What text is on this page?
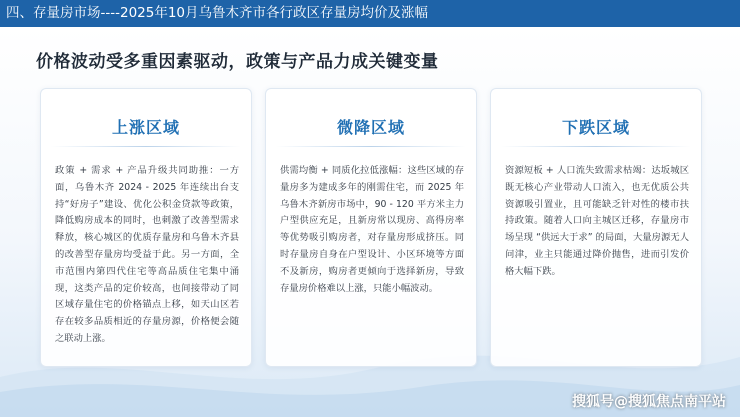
四、存量房市场----2025年10月乌鲁木齐市各行政区存量房均价及涨幅
价格波动受多重因素驱动，政策与产品力成关键变量
上涨区域
政策 + 需求 + 产品升级共同助推：一方面，乌鲁木齐 2024 - 2025 年连续出台支持“好房子”建设、优化公积金贷款等政策，降低购房成本的同时，也刺激了改善型需求释放，核心城区的优质存量房和乌鲁木齐县的改善型存量房均受益于此。另一方面，全市范围内第四代住宅等高品质住宅集中涌现，这类产品的定价较高，也间接带动了同区域存量住宅的价格锚点上移，如天山区若存在较多品质相近的存量房源，价格便会随之联动上涨。
微降区域
供需均衡 + 同质化拉低涨幅：这些区域的存量房多为建成多年的刚需住宅，而 2025 年乌鲁木齐新房市场中，90 - 120 平方米主力户型供应充足，且新房常以现房、高得房率等优势吸引购房者，对存量房形成挤压。同时存量房自身在户型设计、小区环境等方面不及新房，购房者更倾向于选择新房，导致存量房价格难以上涨，只能小幅波动。
下跌区域
资源短板 + 人口流失致需求枯竭：达坂城区既无核心产业带动人口流入，也无优质公共资源吸引置业，且可能缺乏针对性的楼市扶持政策。随着人口向主城区迁移，存量房市场呈现 “供远大于求” 的局面，大量房源无人问津，业主只能通过降价抛售，进而引发价格大幅下跌。
搜狐号@搜狐焦点南平站
